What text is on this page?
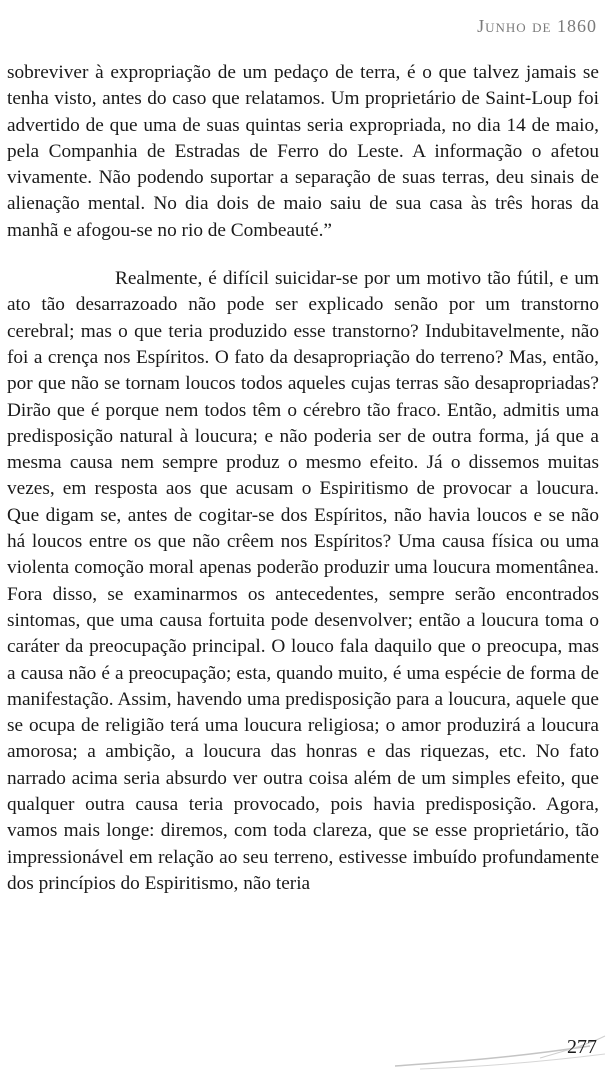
Junho de 1860

sobreviver à expropriação de um pedaço de terra, é o que talvez jamais se tenha visto, antes do caso que relatamos. Um proprietário de Saint-Loup foi advertido de que uma de suas quintas seria expropriada, no dia 14 de maio, pela Companhia de Estradas de Ferro do Leste. A informação o afetou vivamente. Não podendo suportar a separação de suas terras, deu sinais de alienação mental. No dia dois de maio saiu de sua casa às três horas da manhã e afogou-se no rio de Combeauté.”

Realmente, é difícil suicidar-se por um motivo tão fútil, e um ato tão desarrazoado não pode ser explicado senão por um transtorno cerebral; mas o que teria produzido esse transtorno? Indubitavelmente, não foi a crença nos Espíritos. O fato da desapropriação do terreno? Mas, então, por que não se tornam loucos todos aqueles cujas terras são desapropriadas? Dirão que é porque nem todos têm o cérebro tão fraco. Então, admitis uma predisposição natural à loucura; e não poderia ser de outra forma, já que a mesma causa nem sempre produz o mesmo efeito. Já o dissemos muitas vezes, em resposta aos que acusam o Espiritismo de provocar a loucura. Que digam se, antes de cogitar-se dos Espíritos, não havia loucos e se não há loucos entre os que não crêem nos Espíritos? Uma causa física ou uma violenta comoção moral apenas poderão produzir uma loucura momentânea. Fora disso, se examinarmos os antecedentes, sempre serão encontrados sintomas, que uma causa fortuita pode desenvolver; então a loucura toma o caráter da preocupação principal. O louco fala daquilo que o preocupa, mas a causa não é a preocupação; esta, quando muito, é uma espécie de forma de manifestação. Assim, havendo uma predisposição para a loucura, aquele que se ocupa de religião terá uma loucura religiosa; o amor produzirá a loucura amorosa; a ambição, a loucura das honras e das riquezas, etc. No fato narrado acima seria absurdo ver outra coisa além de um simples efeito, que qualquer outra causa teria provocado, pois havia predisposição. Agora, vamos mais longe: diremos, com toda clareza, que se esse proprietário, tão impressionável em relação ao seu terreno, estivesse imbuído profundamente dos princípios do Espiritismo, não teria

277
